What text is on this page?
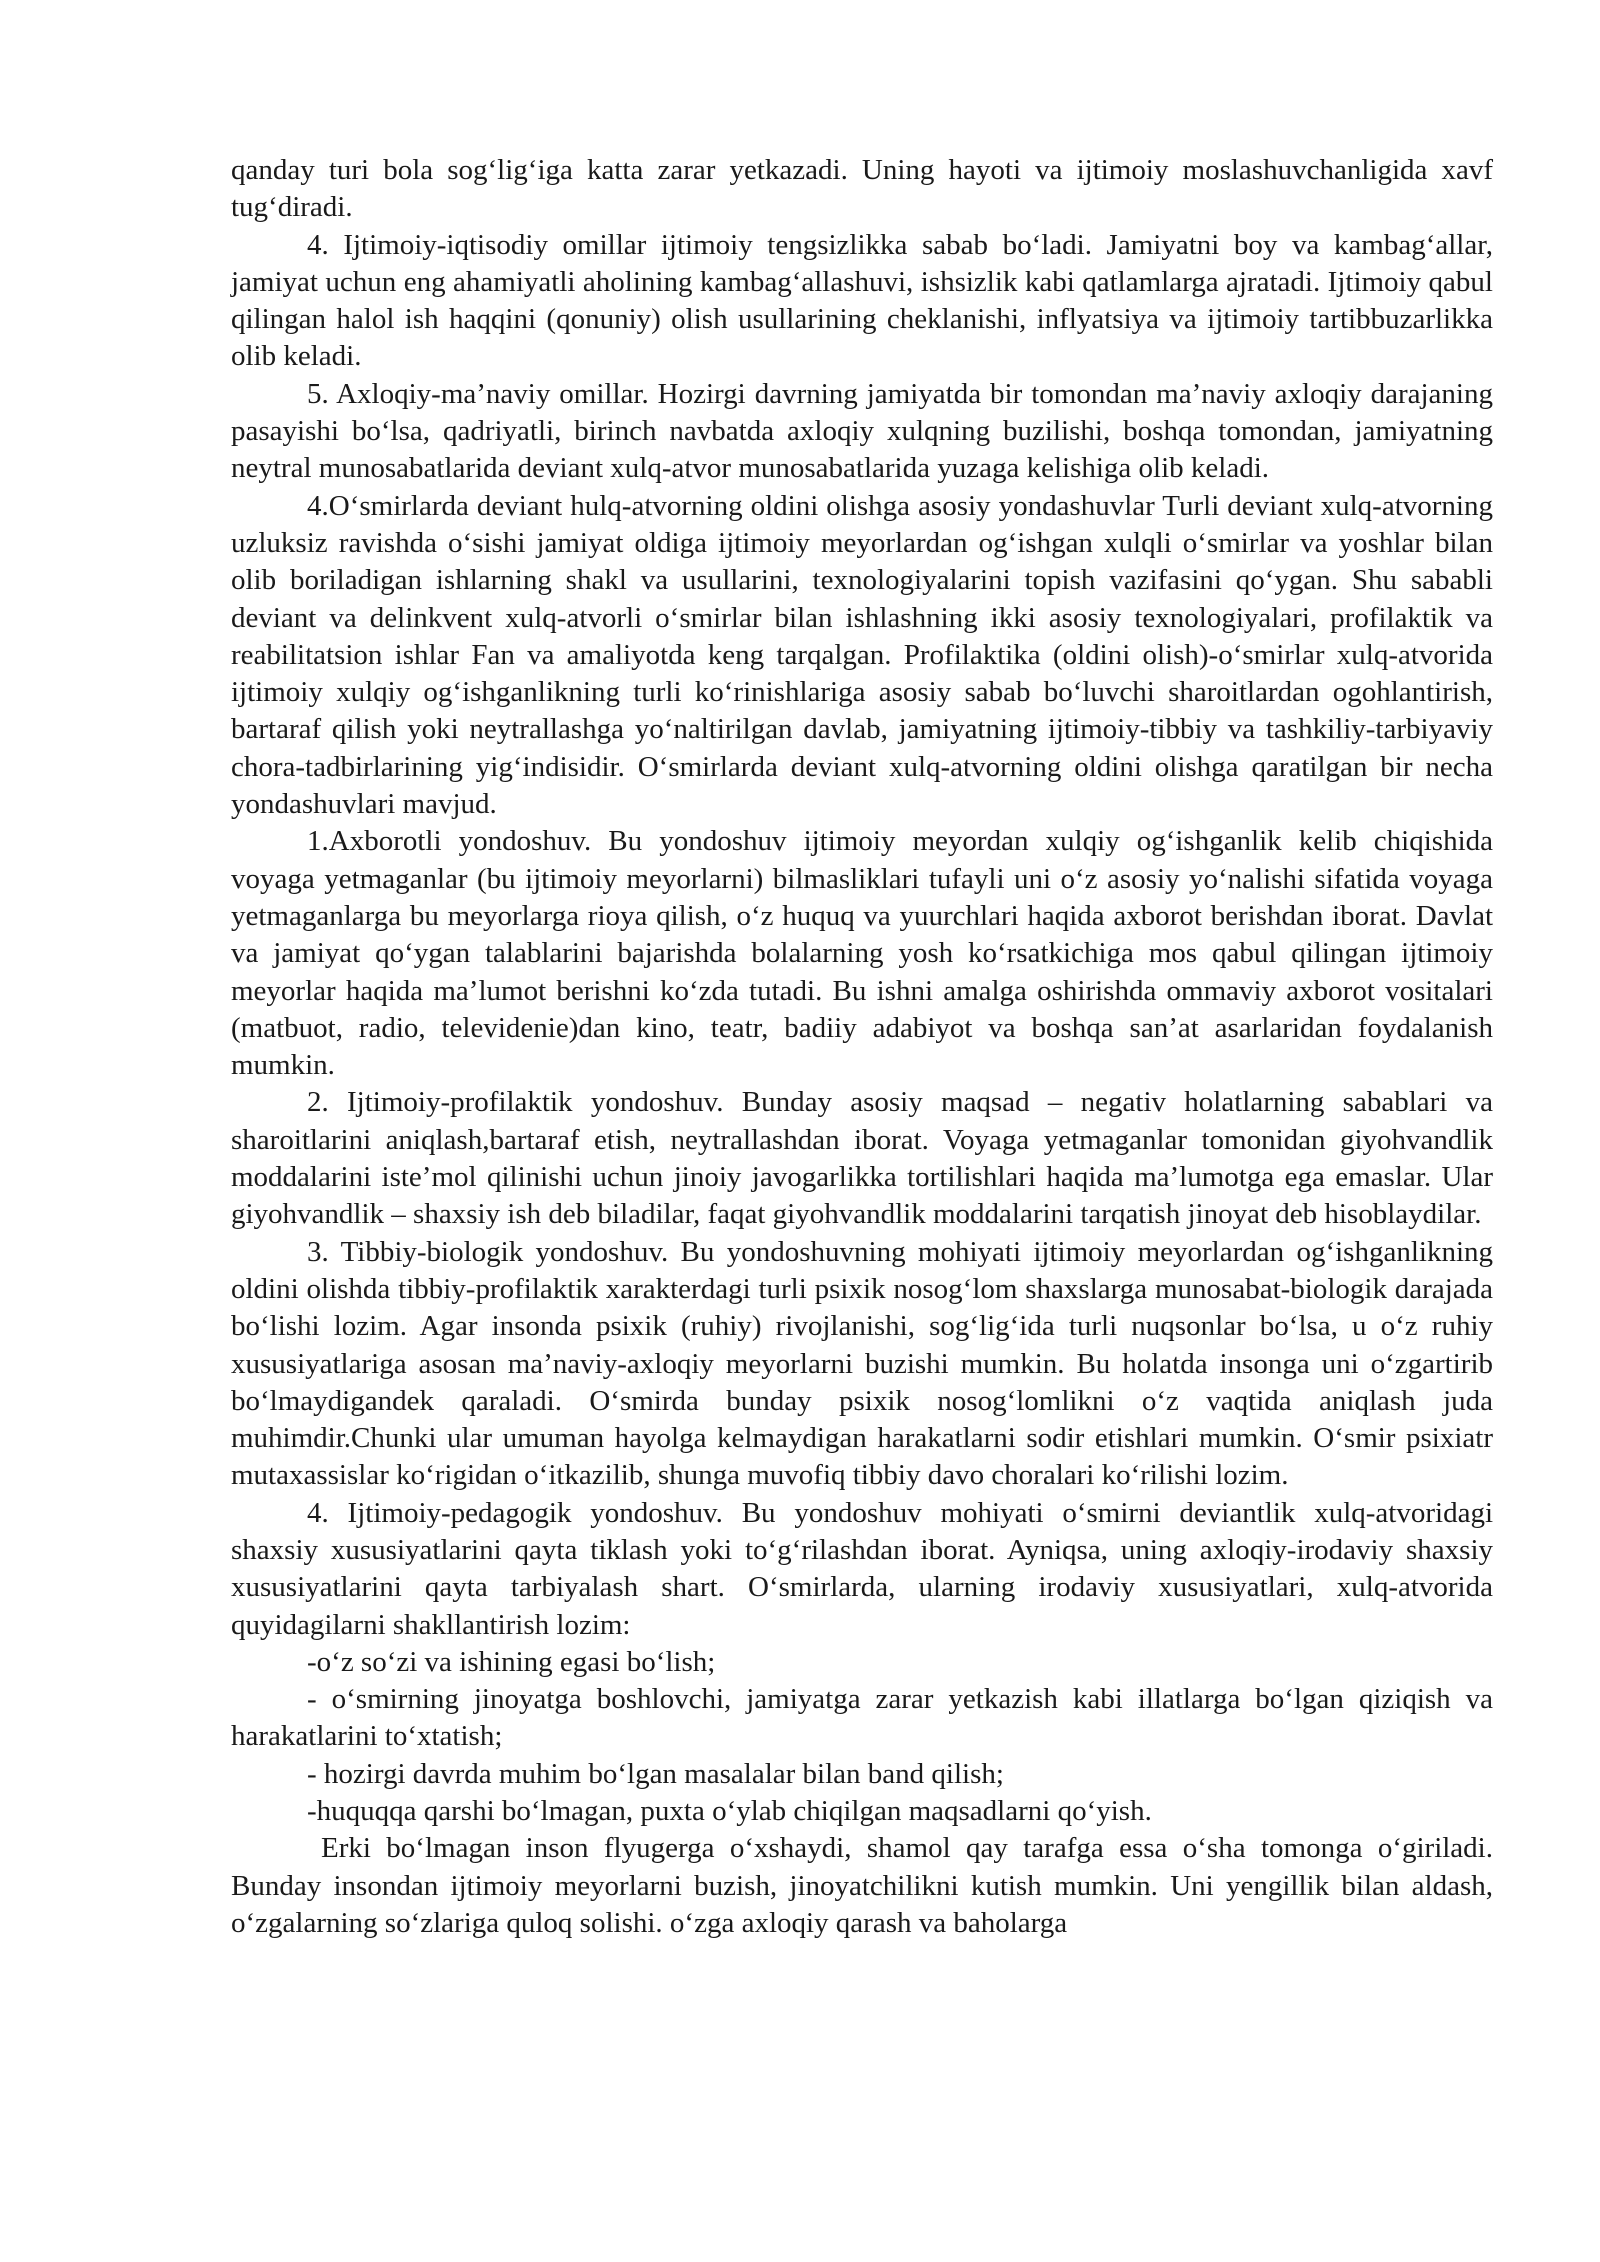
qanday turi bola sog‘lig‘iga katta zarar yetkazadi. Uning hayoti va ijtimoiy moslashuvchanligida xavf tug‘diradi.

4. Ijtimoiy-iqtisodiy omillar ijtimoiy tengsizlikka sabab bo‘ladi. Jamiyatni boy va kambag‘allar, jamiyat uchun eng ahamiyatli aholining kambag‘allashuvi, ishsizlik kabi qatlamlarga ajratadi. Ijtimoiy qabul qilingan halol ish haqqini (qonuniy) olish usullarining cheklanishi, inflyatsiya va ijtimoiy tartibbuzarlikka olib keladi.

5. Axloqiy-ma’naviy omillar. Hozirgi davrning jamiyatda bir tomondan ma’naviy axloqiy darajaning pasayishi bo‘lsa, qadriyatli, birinch navbatda axloqiy xulqning buzilishi, boshqa tomondan, jamiyatning neytral munosabatlarida deviant xulq-atvor munosabatlarida yuzaga kelishiga olib keladi.

4.O‘smirlarda deviant hulq-atvorning oldini olishga asosiy yondashuvlar Turli deviant xulq-atvorning uzluksiz ravishda o‘sishi jamiyat oldiga ijtimoiy meyorlardan og‘ishgan xulqli o‘smirlar va yoshlar bilan olib boriladigan ishlarning shakl va usullarini, texnologiyalarini topish vazifasini qo‘ygan. Shu sababli deviant va delinkvent xulq-atvorli o‘smirlar bilan ishlashning ikki asosiy texnologiyalari, profilaktik va reabilitatsion ishlar Fan va amaliyotda keng tarqalgan. Profilaktika (oldini olish)-o‘smirlar xulq-atvorida ijtimoiy xulqiy og‘ishganlikning turli ko‘rinishlariga asosiy sabab bo‘luvchi sharoitlardan ogohlantirish, bartaraf qilish yoki neytrallashga yo‘naltirilgan davlab, jamiyatning ijtimoiy-tibbiy va tashkiliy-tarbiyaviy chora-tadbirlarining yig‘indisidir. O‘smirlarda deviant xulq-atvorning oldini olishga qaratilgan bir necha yondashuvlari mavjud.

1.Axborotli yondoshuv. Bu yondoshuv ijtimoiy meyordan xulqiy og‘ishganlik kelib chiqishida voyaga yetmaganlar (bu ijtimoiy meyorlarni) bilmasliklari tufayli uni o‘z asosiy yo‘nalishi sifatida voyaga yetmaganlarga bu meyorlarga rioya qilish, o‘z huquq va yuurchlari haqida axborot berishdan iborat. Davlat va jamiyat qo‘ygan talablarini bajarishda bolalarning yosh ko‘rsatkichiga mos qabul qilingan ijtimoiy meyorlar haqida ma’lumot berishni ko‘zda tutadi. Bu ishni amalga oshirishda ommaviy axborot vositalari (matbuot, radio, televidenie)dan kino, teatr, badiiy adabiyot va boshqa san’at asarlaridan foydalanish mumkin.

2. Ijtimoiy-profilaktik yondoshuv. Bunday asosiy maqsad – negativ holatlarning sabablari va sharoitlarini aniqlash,bartaraf etish, neytrallashdan iborat. Voyaga yetmaganlar tomonidan giyohvandlik moddalarini iste’mol qilinishi uchun jinoiy javogarlikka tortilishlari haqida ma’lumotga ega emaslar. Ular giyohvandlik – shaxsiy ish deb biladilar, faqat giyohvandlik moddalarini tarqatish jinoyat deb hisoblaydilar.

3. Tibbiy-biologik yondoshuv. Bu yondoshuvning mohiyati ijtimoiy meyorlardan og‘ishganlikning oldini olishda tibbiy-profilaktik xarakterdagi turli psixik nosog‘lom shaxslarga munosabat-biologik darajada bo‘lishi lozim. Agar insonda psixik (ruhiy) rivojlanishi, sog‘lig‘ida turli nuqsonlar bo‘lsa, u o‘z ruhiy xususiyatlariga asosan ma’naviy-axloqiy meyorlarni buzishi mumkin. Bu holatda insonga uni o‘zgartirib bo‘lmaydigandek qaraladi. O‘smirda bunday psixik nosog‘lomlikni o‘z vaqtida aniqlash juda muhimdir.Chunki ular umuman hayolga kelmaydigan harakatlarni sodir etishlari mumkin. O‘smir psixiatr mutaxassislar ko‘rigidan o‘itkazilib, shunga muvofiq tibbiy davo choralari ko‘rilishi lozim.

4. Ijtimoiy-pedagogik yondoshuv. Bu yondoshuv mohiyati o‘smirni deviantlik xulq-atvoridagi shaxsiy xususiyatlarini qayta tiklash yoki to‘g‘rilashdan iborat. Ayniqsa, uning axloqiy-irodaviy shaxsiy xususiyatlarini qayta tarbiyalash shart. O‘smirlarda, ularning irodaviy xususiyatlari, xulq-atvorida quyidagilarni shakllantirish lozim:

-o‘z so‘zi va ishining egasi bo‘lish;

- o‘smirning jinoyatga boshlovchi, jamiyatga zarar yetkazish kabi illatlarga bo‘lgan qiziqish va harakatlarini to‘xtatish;

- hozirgi davrda muhim bo‘lgan masalalar bilan band qilish;

-huquqqa qarshi bo‘lmagan, puxta o‘ylab chiqilgan maqsadlarni qo‘yish.

Erki bo‘lmagan inson flyugerga o‘xshaydi, shamol qay tarafga essa o‘sha tomonga o‘giriladi. Bunday insondan ijtimoiy meyorlarni buzish, jinoyatchilikni kutish mumkin. Uni yengillik bilan aldash, o‘zgalarning so‘zlariga quloq solishi. o‘zga axloqiy qarash va baholarga
